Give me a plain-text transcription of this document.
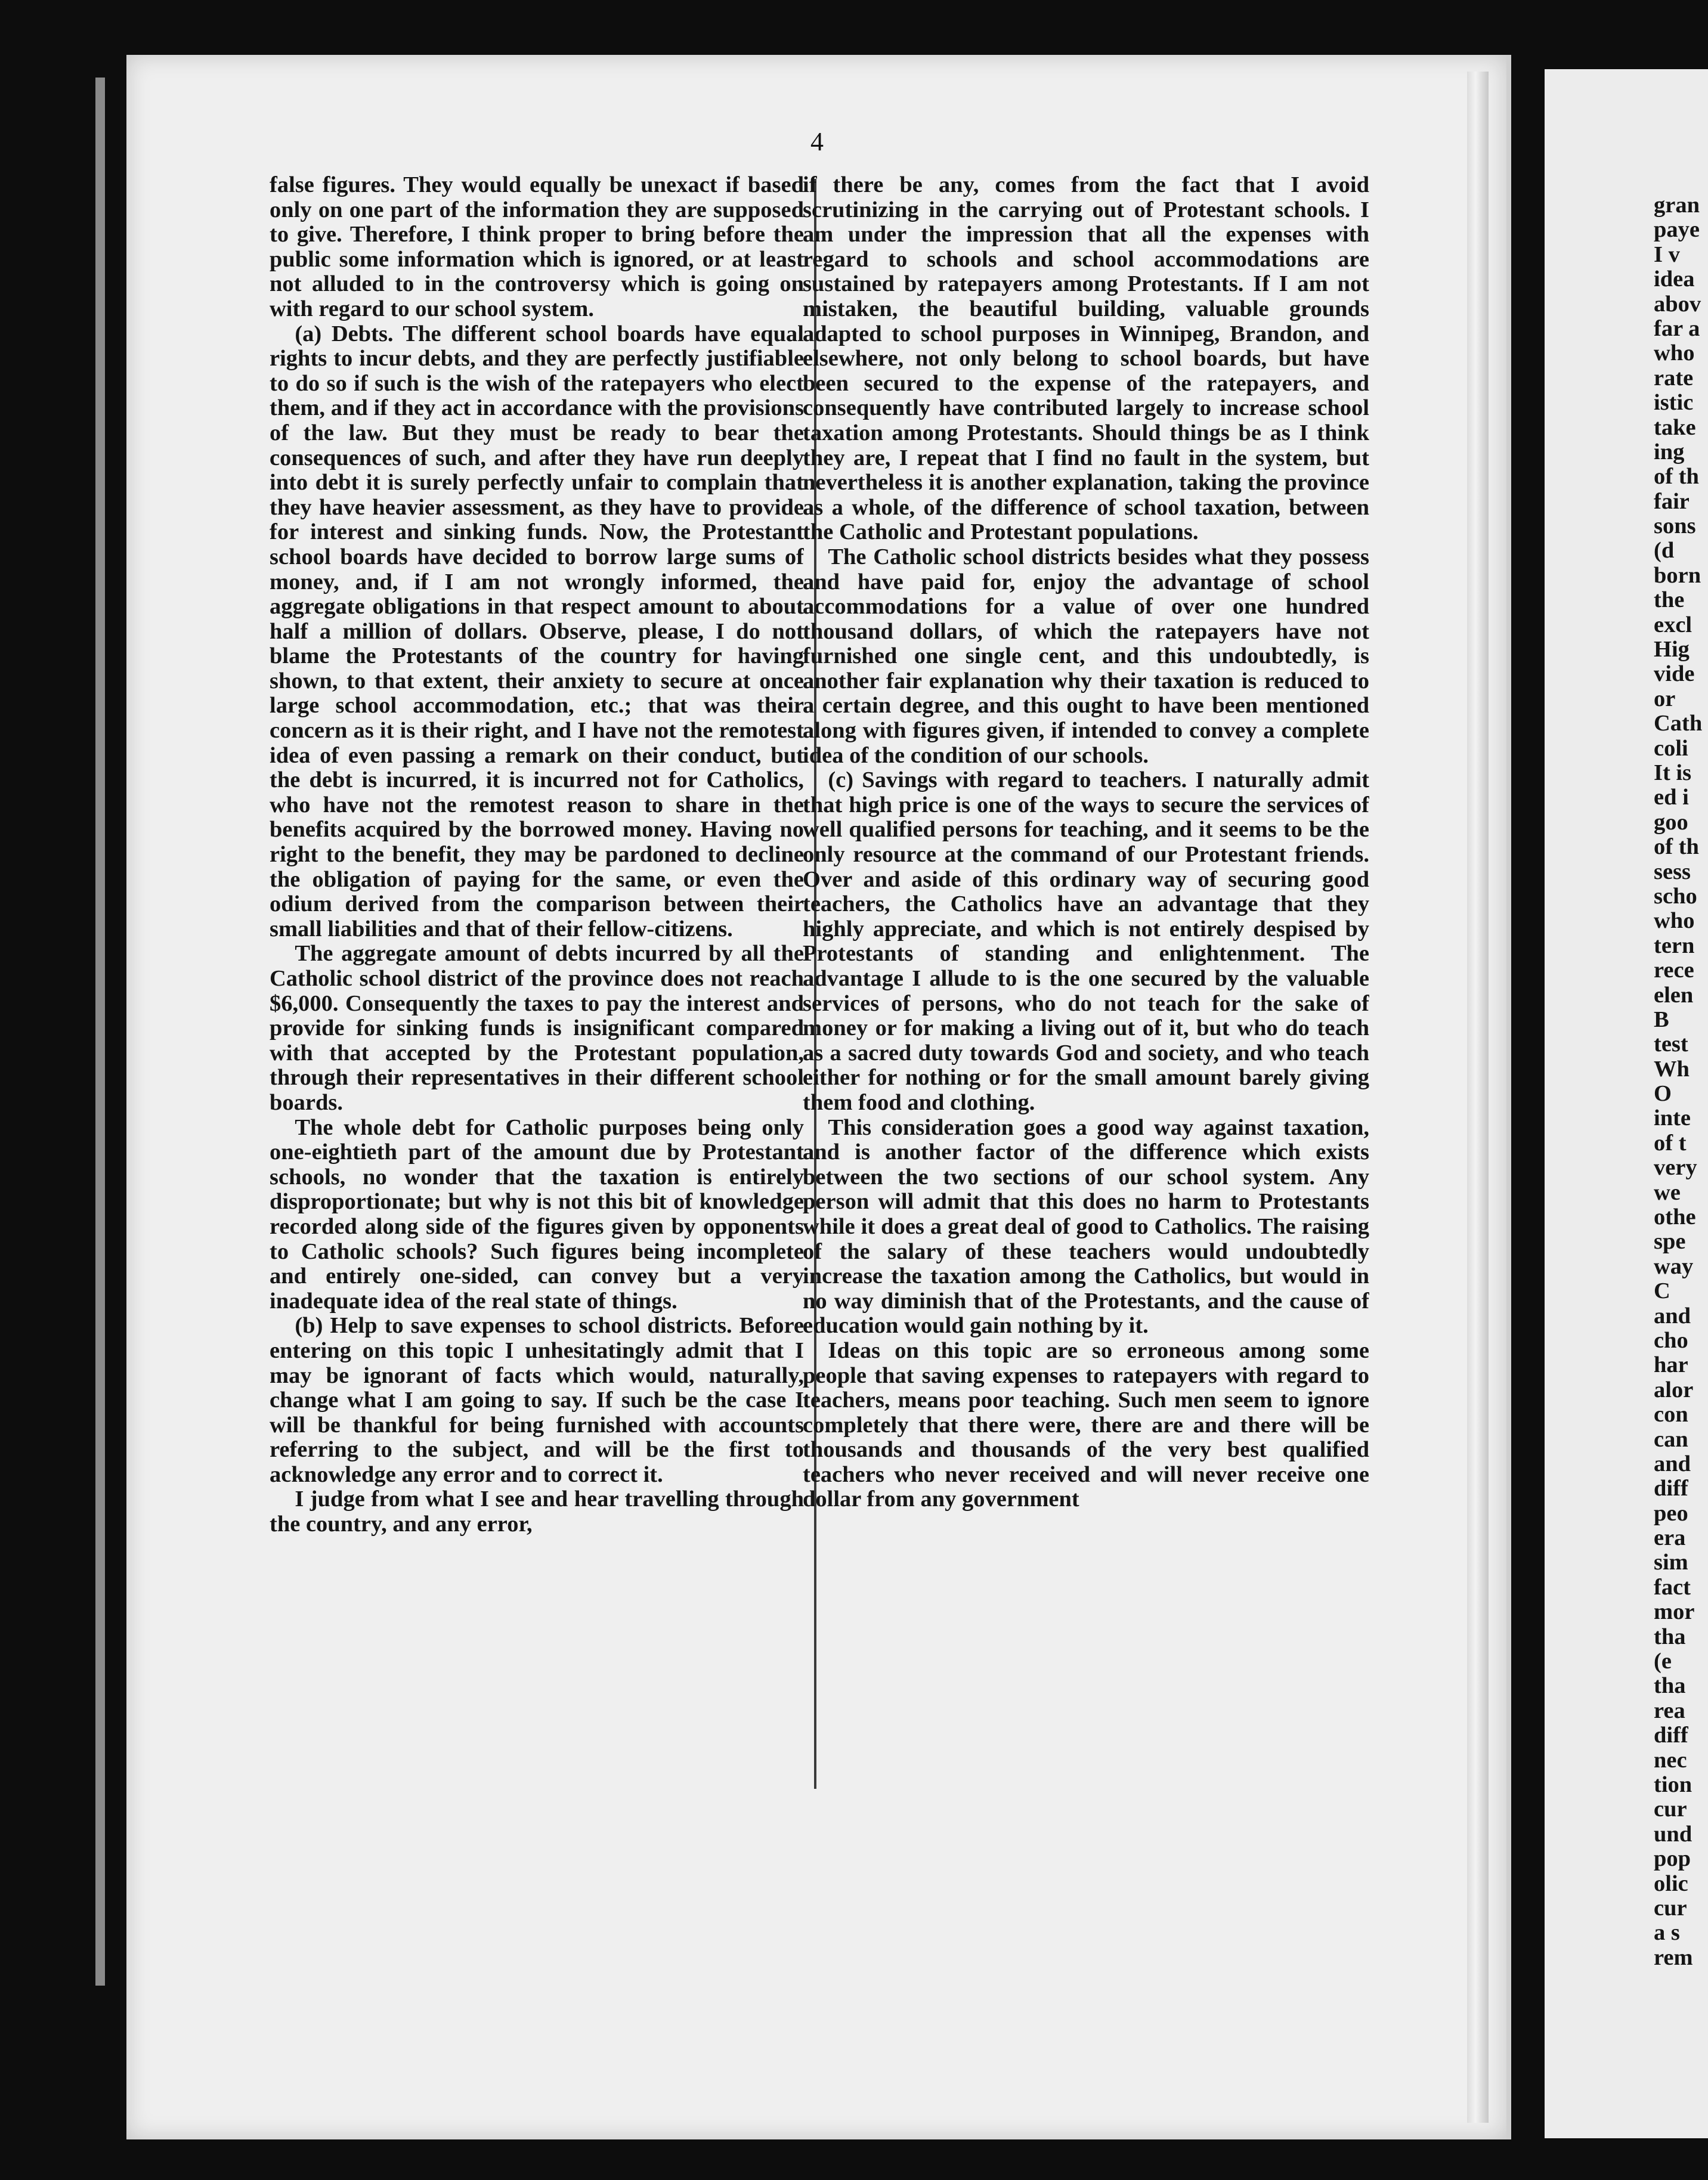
4

false figures. They would equally be unexact if based only on one part of the information they are supposed to give. Therefore, I think proper to bring before the public some information which is ignored, or at least not alluded to in the controversy which is going on with regard to our school system.

(a) Debts. The different school boards have equal rights to incur debts, and they are perfectly justifiable to do so if such is the wish of the ratepayers who elect them, and if they act in accordance with the provisions of the law. But they must be ready to bear the consequences of such, and after they have run deeply into debt it is surely perfectly unfair to complain that they have heavier assessment, as they have to provide for interest and sinking funds. Now, the Protestant school boards have decided to borrow large sums of money, and, if I am not wrongly informed, the aggregate obligations in that respect amount to about half a million of dollars. Observe, please, I do not blame the Protestants of the country for having shown, to that extent, their anxiety to secure at once large school accommodation, etc.; that was their concern as it is their right, and I have not the remotest idea of even passing a remark on their conduct, but the debt is incurred, it is incurred not for Catholics, who have not the remotest reason to share in the benefits acquired by the borrowed money. Having no right to the benefit, they may be pardoned to decline the obligation of paying for the same, or even the odium derived from the comparison between their small liabilities and that of their fellow-citizens.

The aggregate amount of debts incurred by all the Catholic school district of the province does not reach $6,000. Consequently the taxes to pay the interest and provide for sinking funds is insignificant compared with that accepted by the Protestant population, through their representatives in their different school boards.

The whole debt for Catholic purposes being only one-eightieth part of the amount due by Protestant schools, no wonder that the taxation is entirely disproportionate; but why is not this bit of knowledge recorded along side of the figures given by opponents to Catholic schools? Such figures being incomplete and entirely one-sided, can convey but a very inadequate idea of the real state of things.

(b) Help to save expenses to school districts. Before entering on this topic I unhesitatingly admit that I may be ignorant of facts which would, naturally, change what I am going to say. If such be the case I will be thankful for being furnished with accounts referring to the subject, and will be the first to acknowledge any error and to correct it.

I judge from what I see and hear travelling through the country, and any error,

if there be any, comes from the fact that I avoid scrutinizing in the carrying out of Protestant schools. I am under the impression that all the expenses with regard to schools and school accommodations are sustained by ratepayers among Protestants. If I am not mistaken, the beautiful building, valuable grounds adapted to school purposes in Winnipeg, Brandon, and elsewhere, not only belong to school boards, but have been secured to the expense of the ratepayers, and consequently have contributed largely to increase school taxation among Protestants. Should things be as I think they are, I repeat that I find no fault in the system, but nevertheless it is another explanation, taking the province as a whole, of the difference of school taxation, between the Catholic and Protestant populations.

The Catholic school districts besides what they possess and have paid for, enjoy the advantage of school accommodations for a value of over one hundred thousand dollars, of which the ratepayers have not furnished one single cent, and this undoubtedly, is another fair explanation why their taxation is reduced to a certain degree, and this ought to have been mentioned along with figures given, if intended to convey a complete idea of the condition of our schools.

(c) Savings with regard to teachers. I naturally admit that high price is one of the ways to secure the services of well qualified persons for teaching, and it seems to be the only resource at the command of our Protestant friends. Over and aside of this ordinary way of securing good teachers, the Catholics have an advantage that they highly appreciate, and which is not entirely despised by Protestants of standing and enlightenment. The advantage I allude to is the one secured by the valuable services of persons, who do not teach for the sake of money or for making a living out of it, but who do teach as a sacred duty towards God and society, and who teach either for nothing or for the small amount barely giving them food and clothing.

This consideration goes a good way against taxation, and is another factor of the difference which exists between the two sections of our school system. Any person will admit that this does no harm to Protestants while it does a great deal of good to Catholics. The raising of the salary of these teachers would undoubtedly increase the taxation among the Catholics, but would in no way diminish that of the Protestants, and the cause of education would gain nothing by it.

Ideas on this topic are so erroneous among some people that saving expenses to ratepayers with regard to teachers, means poor teaching. Such men seem to ignore completely that there were, there are and there will be thousands and thousands of the very best qualified teachers who never received and will never receive one dollar from any government

gran
paye
I v
idea
abov
far a
who
rate
istic
take
ing
of th
fair
sons
(d
born
the
excl
Hig
vide
or
Cath
coli
It is
ed i
goo
of th
sess
scho
who
tern
rece
elen
B
test
Wh
O
inte
of t
very
we
othe
spe
way
C
and
cho
har
alor
con
can
and
diff
peo
era
sim
fact
mor
tha
(e
tha
rea
diff
nec
tion
cur
und
pop
olic
cur
a s
rem
